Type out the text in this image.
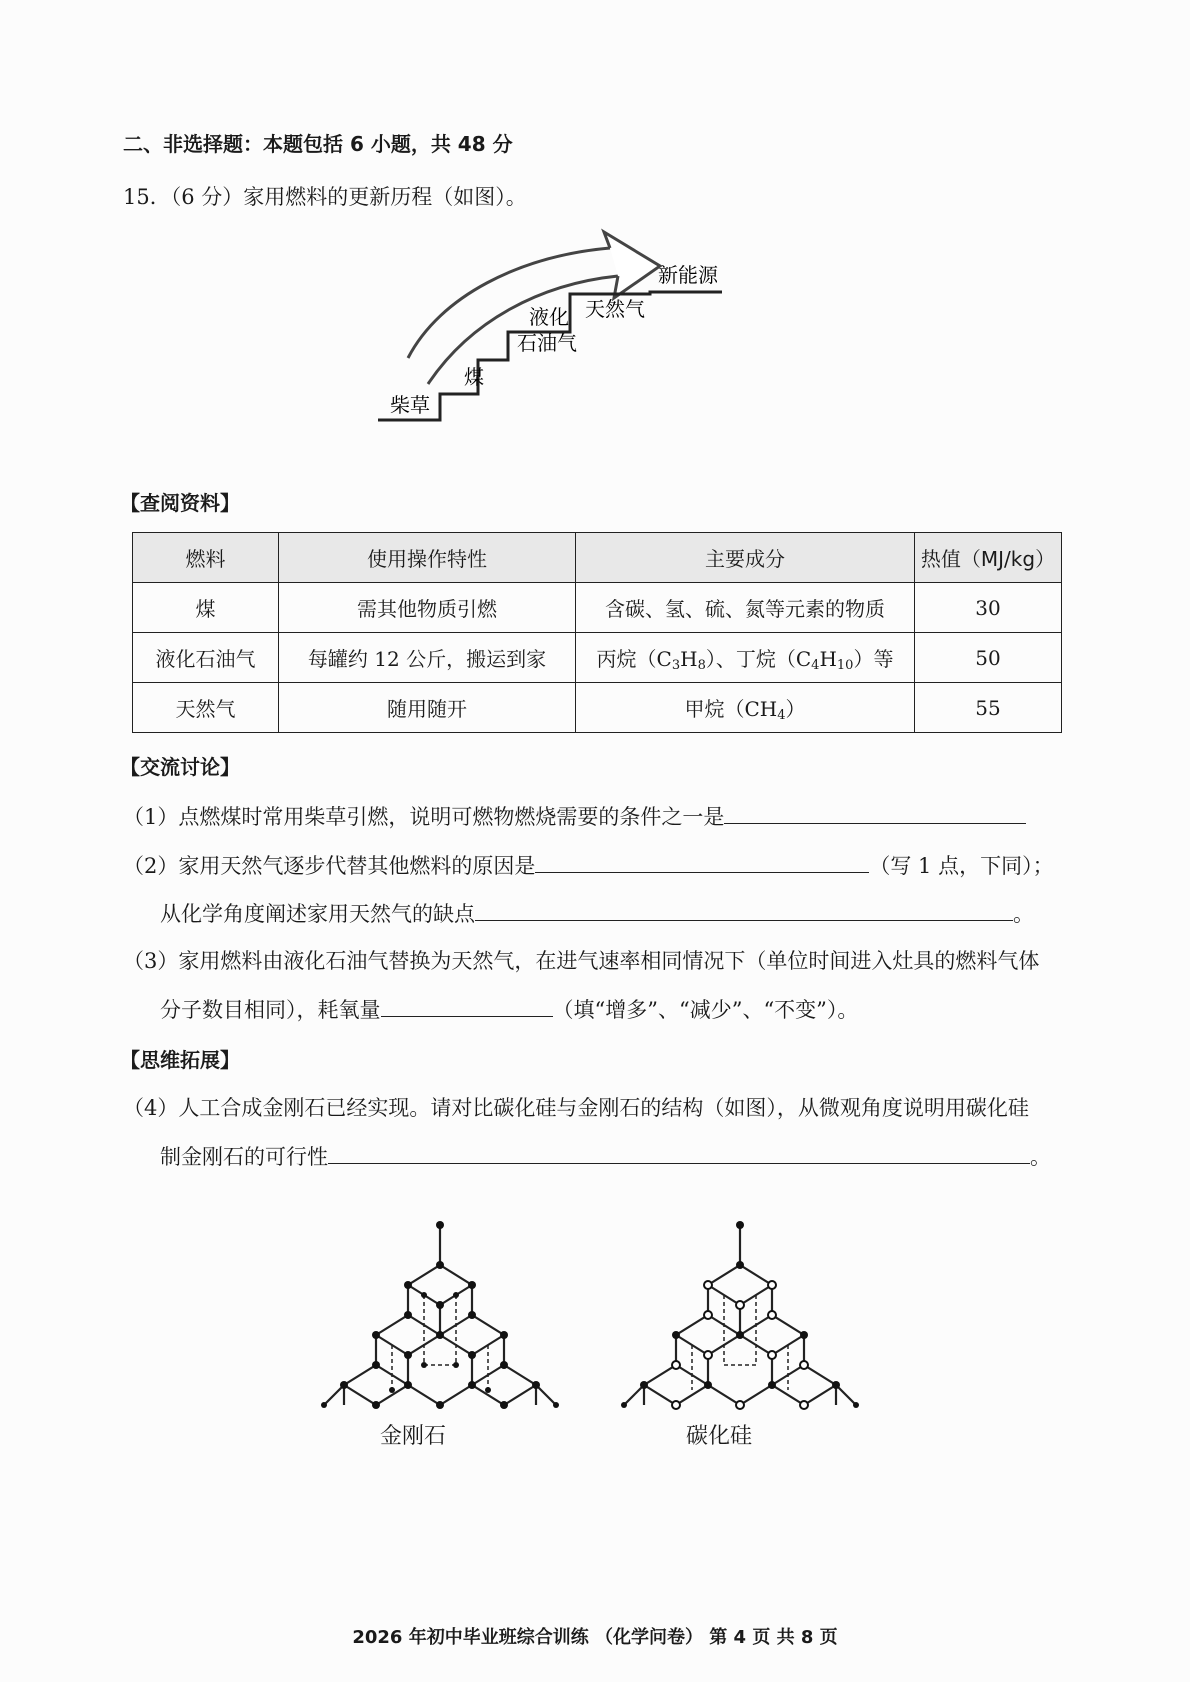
二、非选择题：本题包括 6 小题，共 48 分
15．（6 分）家用燃料的更新历程（如图）。
柴草
煤
液化
石油气
天然气
新能源
【查阅资料】
燃料	使用操作特性	主要成分	热值（MJ/kg）
煤	需其他物质引燃	含碳、氢、硫、氮等元素的物质	30
液化石油气	每罐约 12 公斤，搬运到家	丙烷$(C_3H_8)$、丁烷$(C_4H_{10})$等	50
天然气	随用随开	甲烷$(CH_4)$	55
【交流讨论】
（1）点燃煤时常用柴草引燃，说明可燃物燃烧需要的条件之一是
（2）家用天然气逐步代替其他燃料的原因是	（写 1 点，下同）；
从化学角度阐述家用天然气的缺点	。
（3）家用燃料由液化石油气替换为天然气，在进气速率相同情况下（单位时间进入灶具的燃料气体
分子数目相同），耗氧量	（填“增多”、“减少”、“不变”）。
【思维拓展】
（4）人工合成金刚石已经实现。请对比碳化硅与金刚石的结构（如图），从微观角度说明用碳化硅
制金刚石的可行性	。
金刚石	碳化硅
2026 年初中毕业班综合训练 （化学问卷） 第 4 页 共 8 页
